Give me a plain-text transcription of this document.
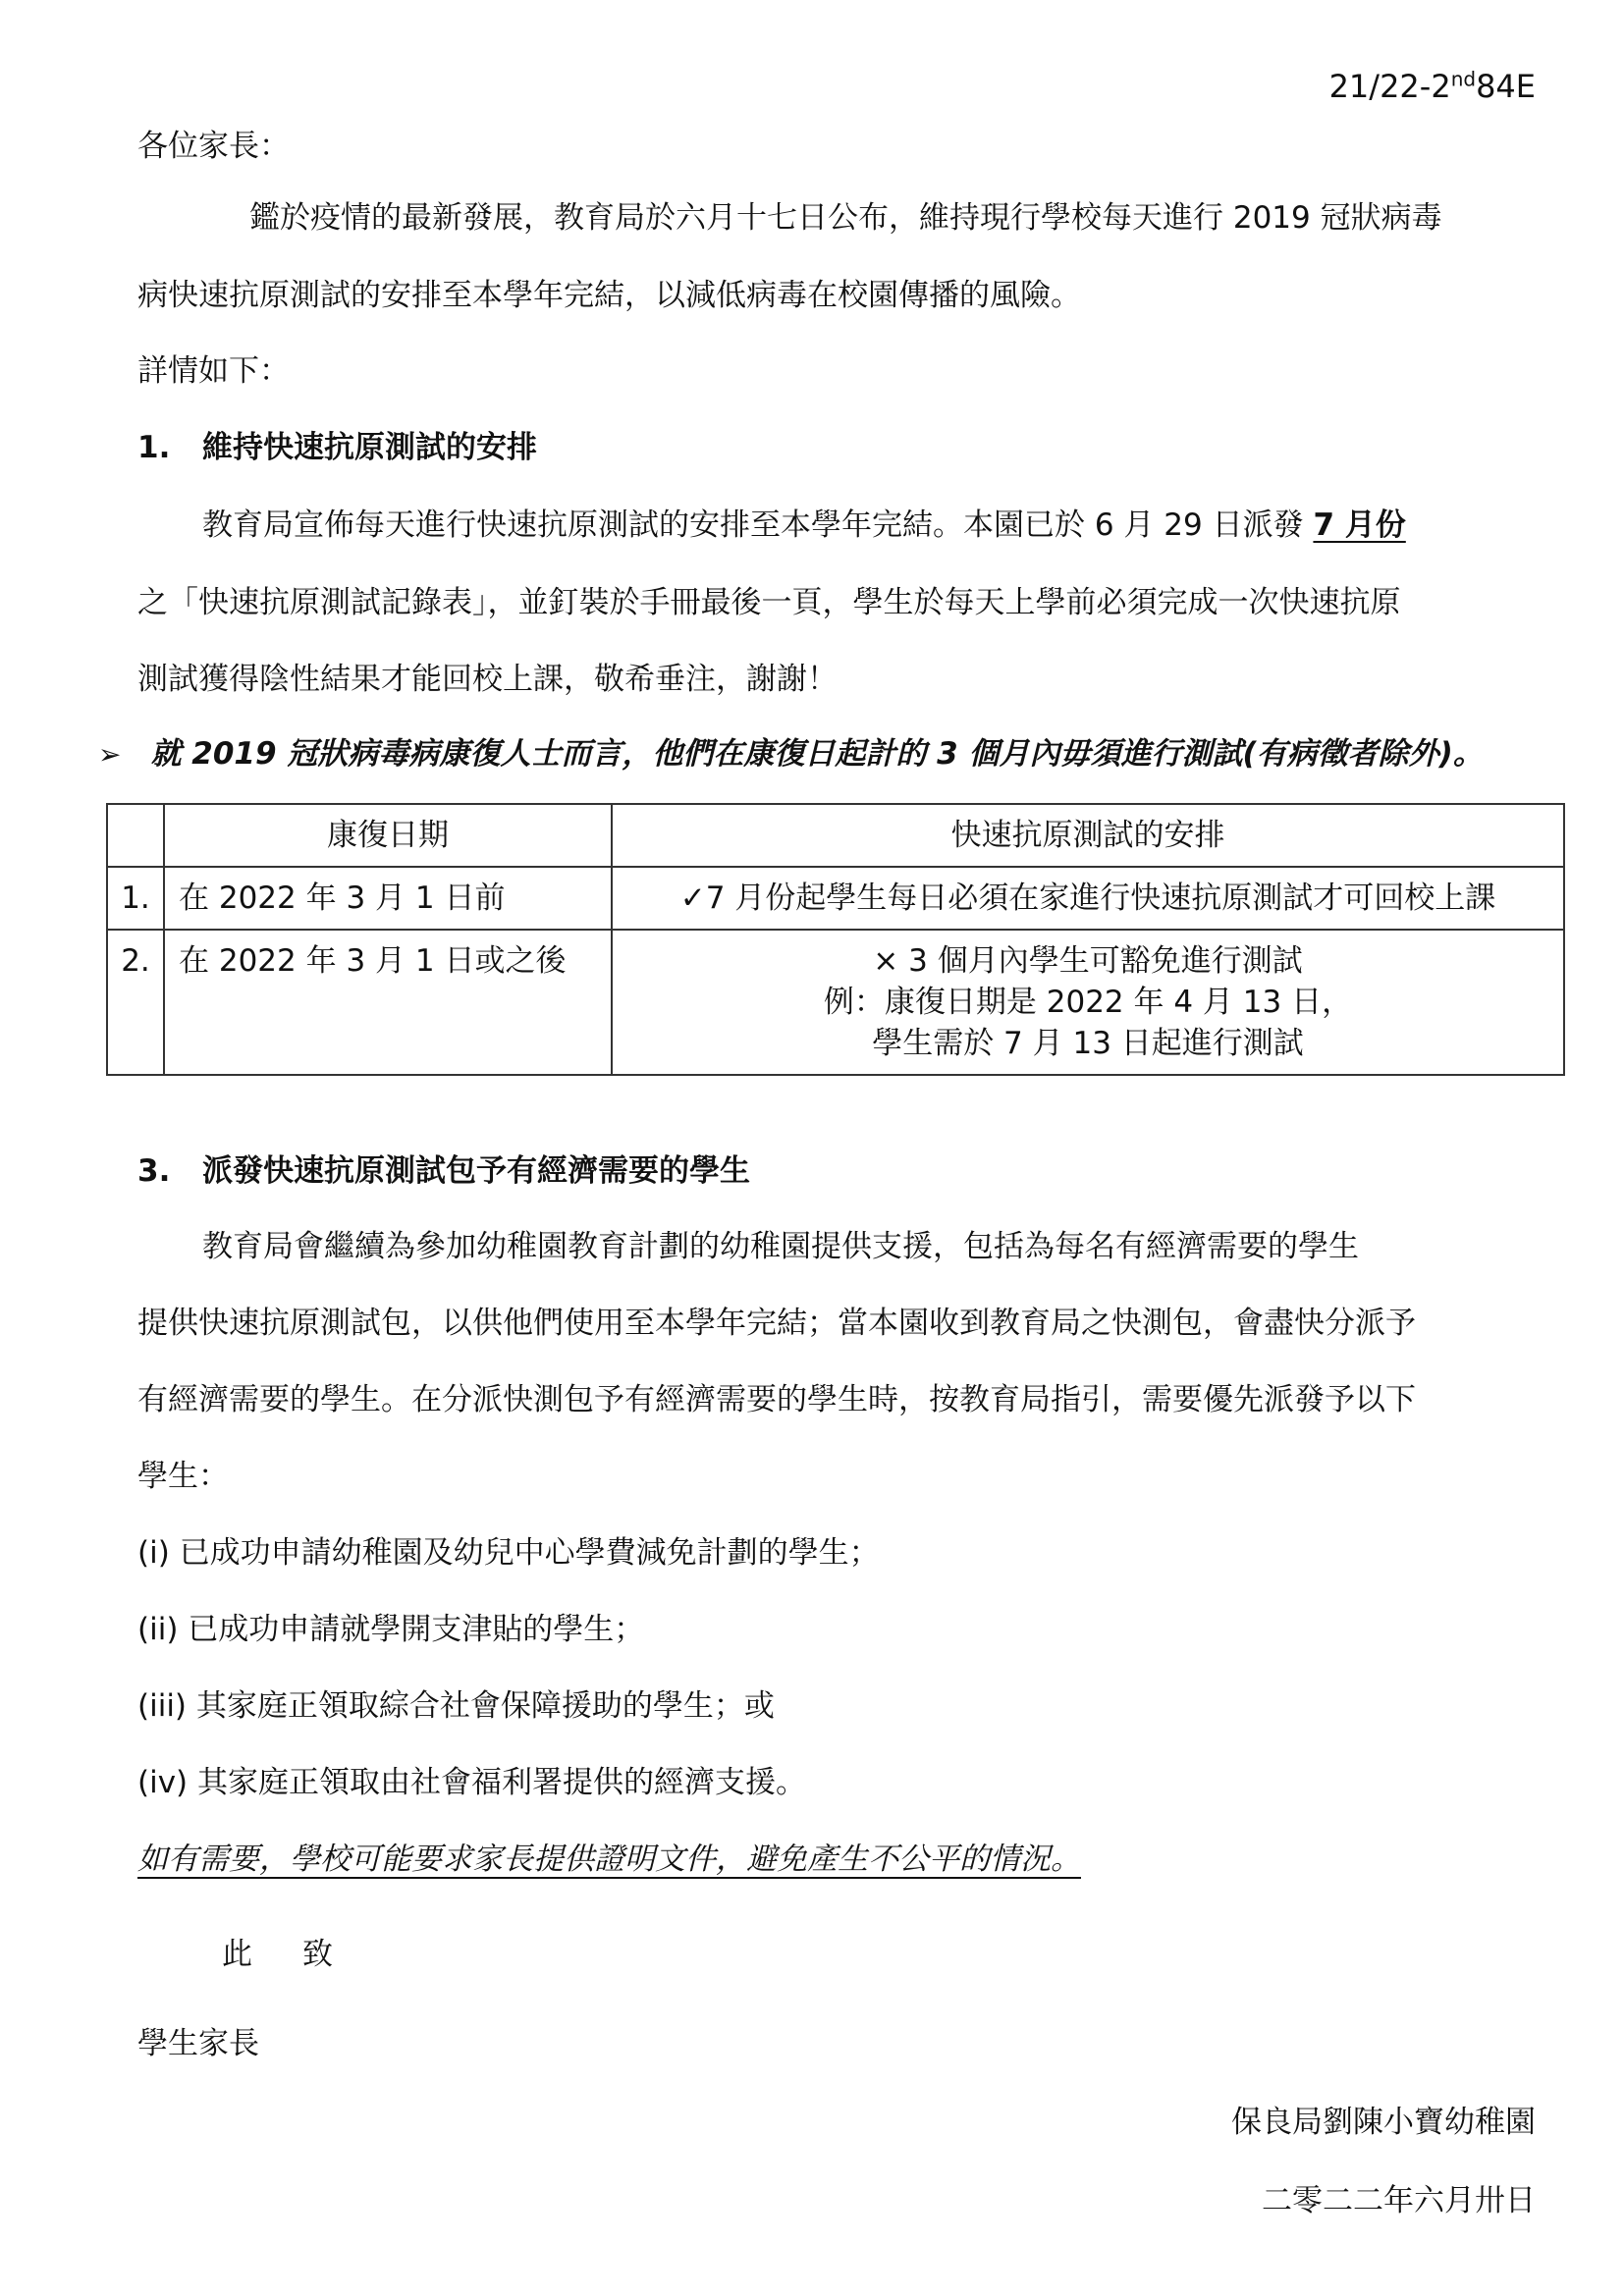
21/22-2nd84E
各位家長：
鑑於疫情的最新發展，教育局於六月十七日公布，維持現行學校每天進行 2019 冠狀病毒
病快速抗原測試的安排至本學年完結，以減低病毒在校園傳播的風險。
詳情如下：
1. 維持快速抗原測試的安排
教育局宣佈每天進行快速抗原測試的安排至本學年完結。本園已於 6 月 29 日派發 7 月份
之「快速抗原測試記錄表」，並釘裝於手冊最後一頁，學生於每天上學前必須完成一次快速抗原
測試獲得陰性結果才能回校上課，敬希垂注，謝謝！
➢ 就 2019 冠狀病毒病康復人士而言，他們在康復日起計的 3 個月內毋須進行測試(有病徵者除外)。
	康復日期	快速抗原測試的安排
1.	在 2022 年 3 月 1 日前	✓7 月份起學生每日必須在家進行快速抗原測試才可回校上課
2.	在 2022 年 3 月 1 日或之後	× 3 個月內學生可豁免進行測試
例：康復日期是 2022 年 4 月 13 日，
學生需於 7 月 13 日起進行測試
3. 派發快速抗原測試包予有經濟需要的學生
教育局會繼續為參加幼稚園教育計劃的幼稚園提供支援，包括為每名有經濟需要的學生
提供快速抗原測試包，以供他們使用至本學年完結；當本園收到教育局之快測包，會盡快分派予
有經濟需要的學生。在分派快測包予有經濟需要的學生時，按教育局指引，需要優先派發予以下
學生：
(i) 已成功申請幼稚園及幼兒中心學費減免計劃的學生；
(ii) 已成功申請就學開支津貼的學生；
(iii) 其家庭正領取綜合社會保障援助的學生；或
(iv) 其家庭正領取由社會福利署提供的經濟支援。
如有需要，學校可能要求家長提供證明文件，避免產生不公平的情況。
此 致
學生家長
保良局劉陳小寶幼稚園
二零二二年六月卅日
